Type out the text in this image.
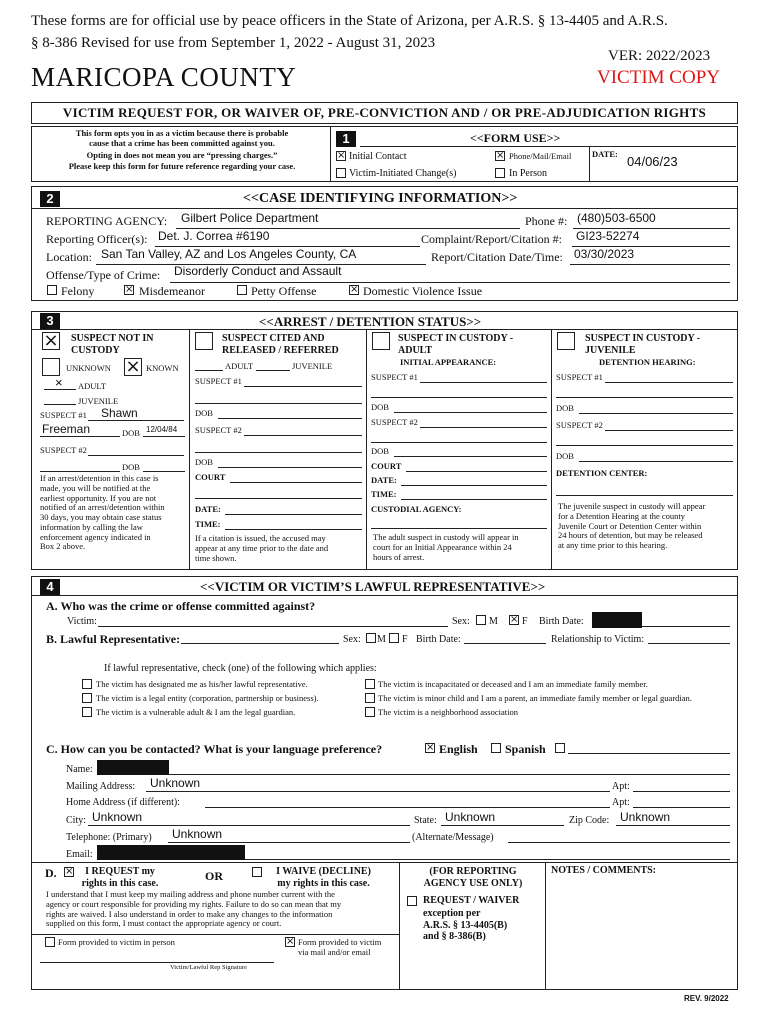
These forms are for official use by peace officers in the State of Arizona, per A.R.S. § 13-4405 and A.R.S.
§ 8-386 Revised for use from September 1, 2022 - August 31, 2023
VER: 2022/2023
MARICOPA COUNTY	VICTIM COPY
VICTIM REQUEST FOR, OR WAIVER OF, PRE-CONVICTION AND / OR PRE-ADJUDICATION RIGHTS
This form opts you in as a victim because there is probable
cause that a crime has been committed against you.
Opting in does not mean you are “pressing charges.”
Please keep this form for future reference regarding your case.
1	<<FORM USE>>
× Initial Contact
Victim-Initiated Change(s)
× Phone/Mail/Email
In Person
DATE: 04/06/23
2	<<CASE IDENTIFYING INFORMATION>>
REPORTING AGENCY: Gilbert Police Department	Phone #: (480)503-6500
Reporting Officer(s): Det. J. Correa #6190	Complaint/Report/Citation #: GI23-52274
Location: San Tan Valley, AZ and Los Angeles County, CA	Report/Citation Date/Time: 03/30/2023
Offense/Type of Crime: Disorderly Conduct and Assault
Felony	× Misdemeanor	Petty Offense	× Domestic Violence Issue
3	<<ARREST / DETENTION STATUS>>
× SUSPECT NOT IN
CUSTODY
UNKNOWN × KNOWN
× ADULT
JUVENILE
SUSPECT #1 Shawn
Freeman	DOB 12/04/84
SUSPECT #2
DOB
If an arrest/detention in this case is
made, you will be notified at the
earliest opportunity. If you are not
notified of an arrest/detention within
30 days, you may obtain case status
information by calling the law
enforcement agency indicated in
Box 2 above.
SUSPECT CITED AND
RELEASED / REFERRED
ADULT	JUVENILE
SUSPECT #1
DOB
SUSPECT #2
DOB
COURT
DATE:
TIME:
If a citation is issued, the accused may
appear at any time prior to the date and
time shown.
SUSPECT IN CUSTODY -
ADULT
INITIAL APPEARANCE:
SUSPECT #1
DOB
SUSPECT #2
DOB
COURT
DATE:
TIME:
CUSTODIAL AGENCY:
The adult suspect in custody will appear in
court for an Initial Appearance within 24
hours of arrest.
SUSPECT IN CUSTODY -
JUVENILE
DETENTION HEARING:
SUSPECT #1
DOB
SUSPECT #2
DOB
DETENTION CENTER:
The juvenile suspect in custody will appear
for a Detention Hearing at the county
Juvenile Court or Detention Center within
24 hours of detention, but may be released
at any time prior to this hearing.
4	<<VICTIM OR VICTIM’S LAWFUL REPRESENTATIVE>>
A. Who was the crime or offense committed against?
Victim:	Sex: M × F Birth Date:
B. Lawful Representative:	Sex: M F Birth Date:	Relationship to Victim:
If lawful representative, check (one) of the following which applies:
The victim has designated me as his/her lawful representative.
The victim is a legal entity (corporation, partnership or business).
The victim is a vulnerable adult & I am the legal guardian.
The victim is incapacitated or deceased and I am an immediate family member.
The victim is minor child and I am a parent, an immediate family member or legal guardian.
The victim is a neighborhood association
C. How can you be contacted? What is your language preference?	× English Spanish
Name:
Mailing Address: Unknown	Apt:
Home Address (if different):	Apt:
City: Unknown	State: Unknown	Zip Code: Unknown
Telephone: (Primary) Unknown	(Alternate/Message)
Email:
D. ×	I REQUEST my
rights in this case.	OR	I WAIVE (DECLINE)
my rights in this case.
I understand that I must keep my mailing address and phone number current with the
agency or court responsible for providing my rights. Failure to do so can mean that my
rights are waived. I also understand in order to make any changes to the information
supplied on this form, I must contact the appropriate agency or court.
Form provided to victim in person	× Form provided to victim
via mail and/or email
Victim/Lawful Rep Signature
(FOR REPORTING
AGENCY USE ONLY)
REQUEST / WAIVER
exception per
A.R.S. § 13-4405(B)
and § 8-386(B)
NOTES / COMMENTS:
REV. 9/2022
